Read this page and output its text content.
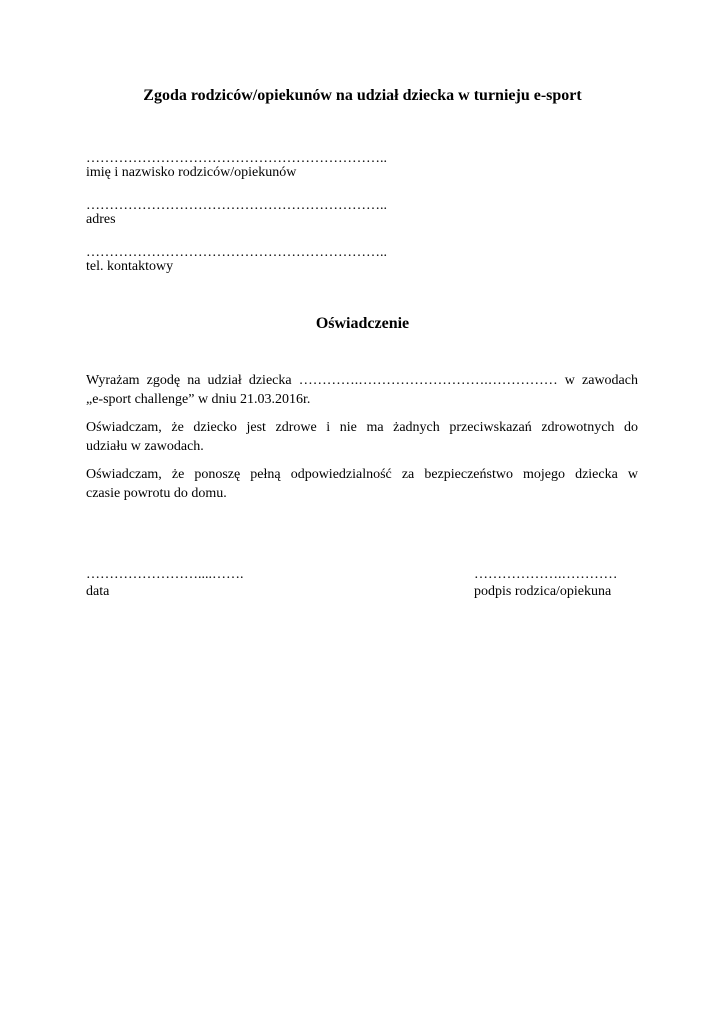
Zgoda rodziców/opiekunów na udział dziecka w turnieju e-sport

………………………………………………………..

imię i nazwisko rodziców/opiekunów

………………………………………………………..

adres

………………………………………………………..

tel. kontaktowy

Oświadczenie
Wyrażam zgodę na udział dziecka ………….……………………….…………… w zawodach
„e-sport challenge” w dniu 21.03.2016r.
Oświadczam, że dziecko jest zdrowe i nie ma żadnych przeciwskazań zdrowotnych do
udziału w zawodach.
Oświadczam, że ponoszę pełną odpowiedzialność za bezpieczeństwo mojego dziecka w
czasie powrotu do domu.

……………………....…….

data

……………….…………

podpis rodzica/opiekuna
